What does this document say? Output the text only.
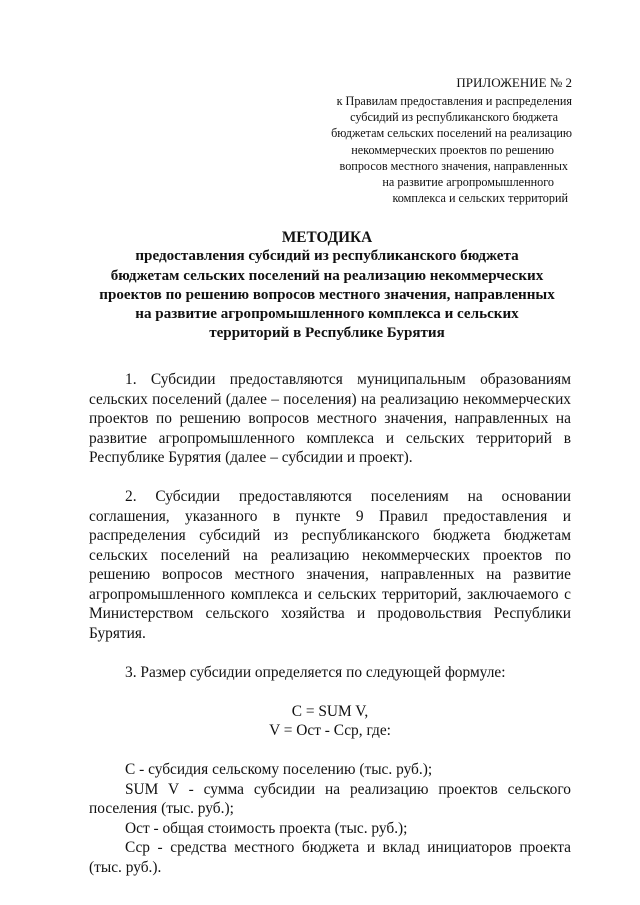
ПРИЛОЖЕНИЕ № 2
к Правилам предоставления и распределения
субсидий из республиканского бюджета
бюджетам сельских поселений на реализацию
некоммерческих проектов по решению
вопросов местного значения, направленных
на развитие агропромышленного
комплекса и сельских территорий
МЕТОДИКА
предоставления субсидий из республиканского бюджета
бюджетам сельских поселений на реализацию некоммерческих
проектов по решению вопросов местного значения, направленных
на развитие агропромышленного комплекса и сельских
территорий в Республике Бурятия

1. Субсидии предоставляются муниципальным образованиям сельских поселений (далее – поселения) на реализацию некоммерческих проектов по решению вопросов местного значения, направленных на развитие агропромышленного комплекса и сельских территорий в Республике Бурятия (далее – субсидии и проект).

2. Субсидии предоставляются поселениям на основании соглашения, указанного в пункте 9 Правил предоставления и распределения субсидий из республиканского бюджета бюджетам сельских поселений на реализацию некоммерческих проектов по решению вопросов местного значения, направленных на развитие агропромышленного комплекса и сельских территорий, заключаемого с Министерством сельского хозяйства и продовольствия Республики Бурятия.

3. Размер субсидии определяется по следующей формуле:

C = SUM V,

V = Ост - Сср, где:

С - субсидия сельскому поселению (тыс. руб.);

SUM V - сумма субсидии на реализацию проектов сельского поселения (тыс. руб.);

Ост - общая стоимость проекта (тыс. руб.);

Сср - средства местного бюджета и вклад инициаторов проекта (тыс. руб.).
